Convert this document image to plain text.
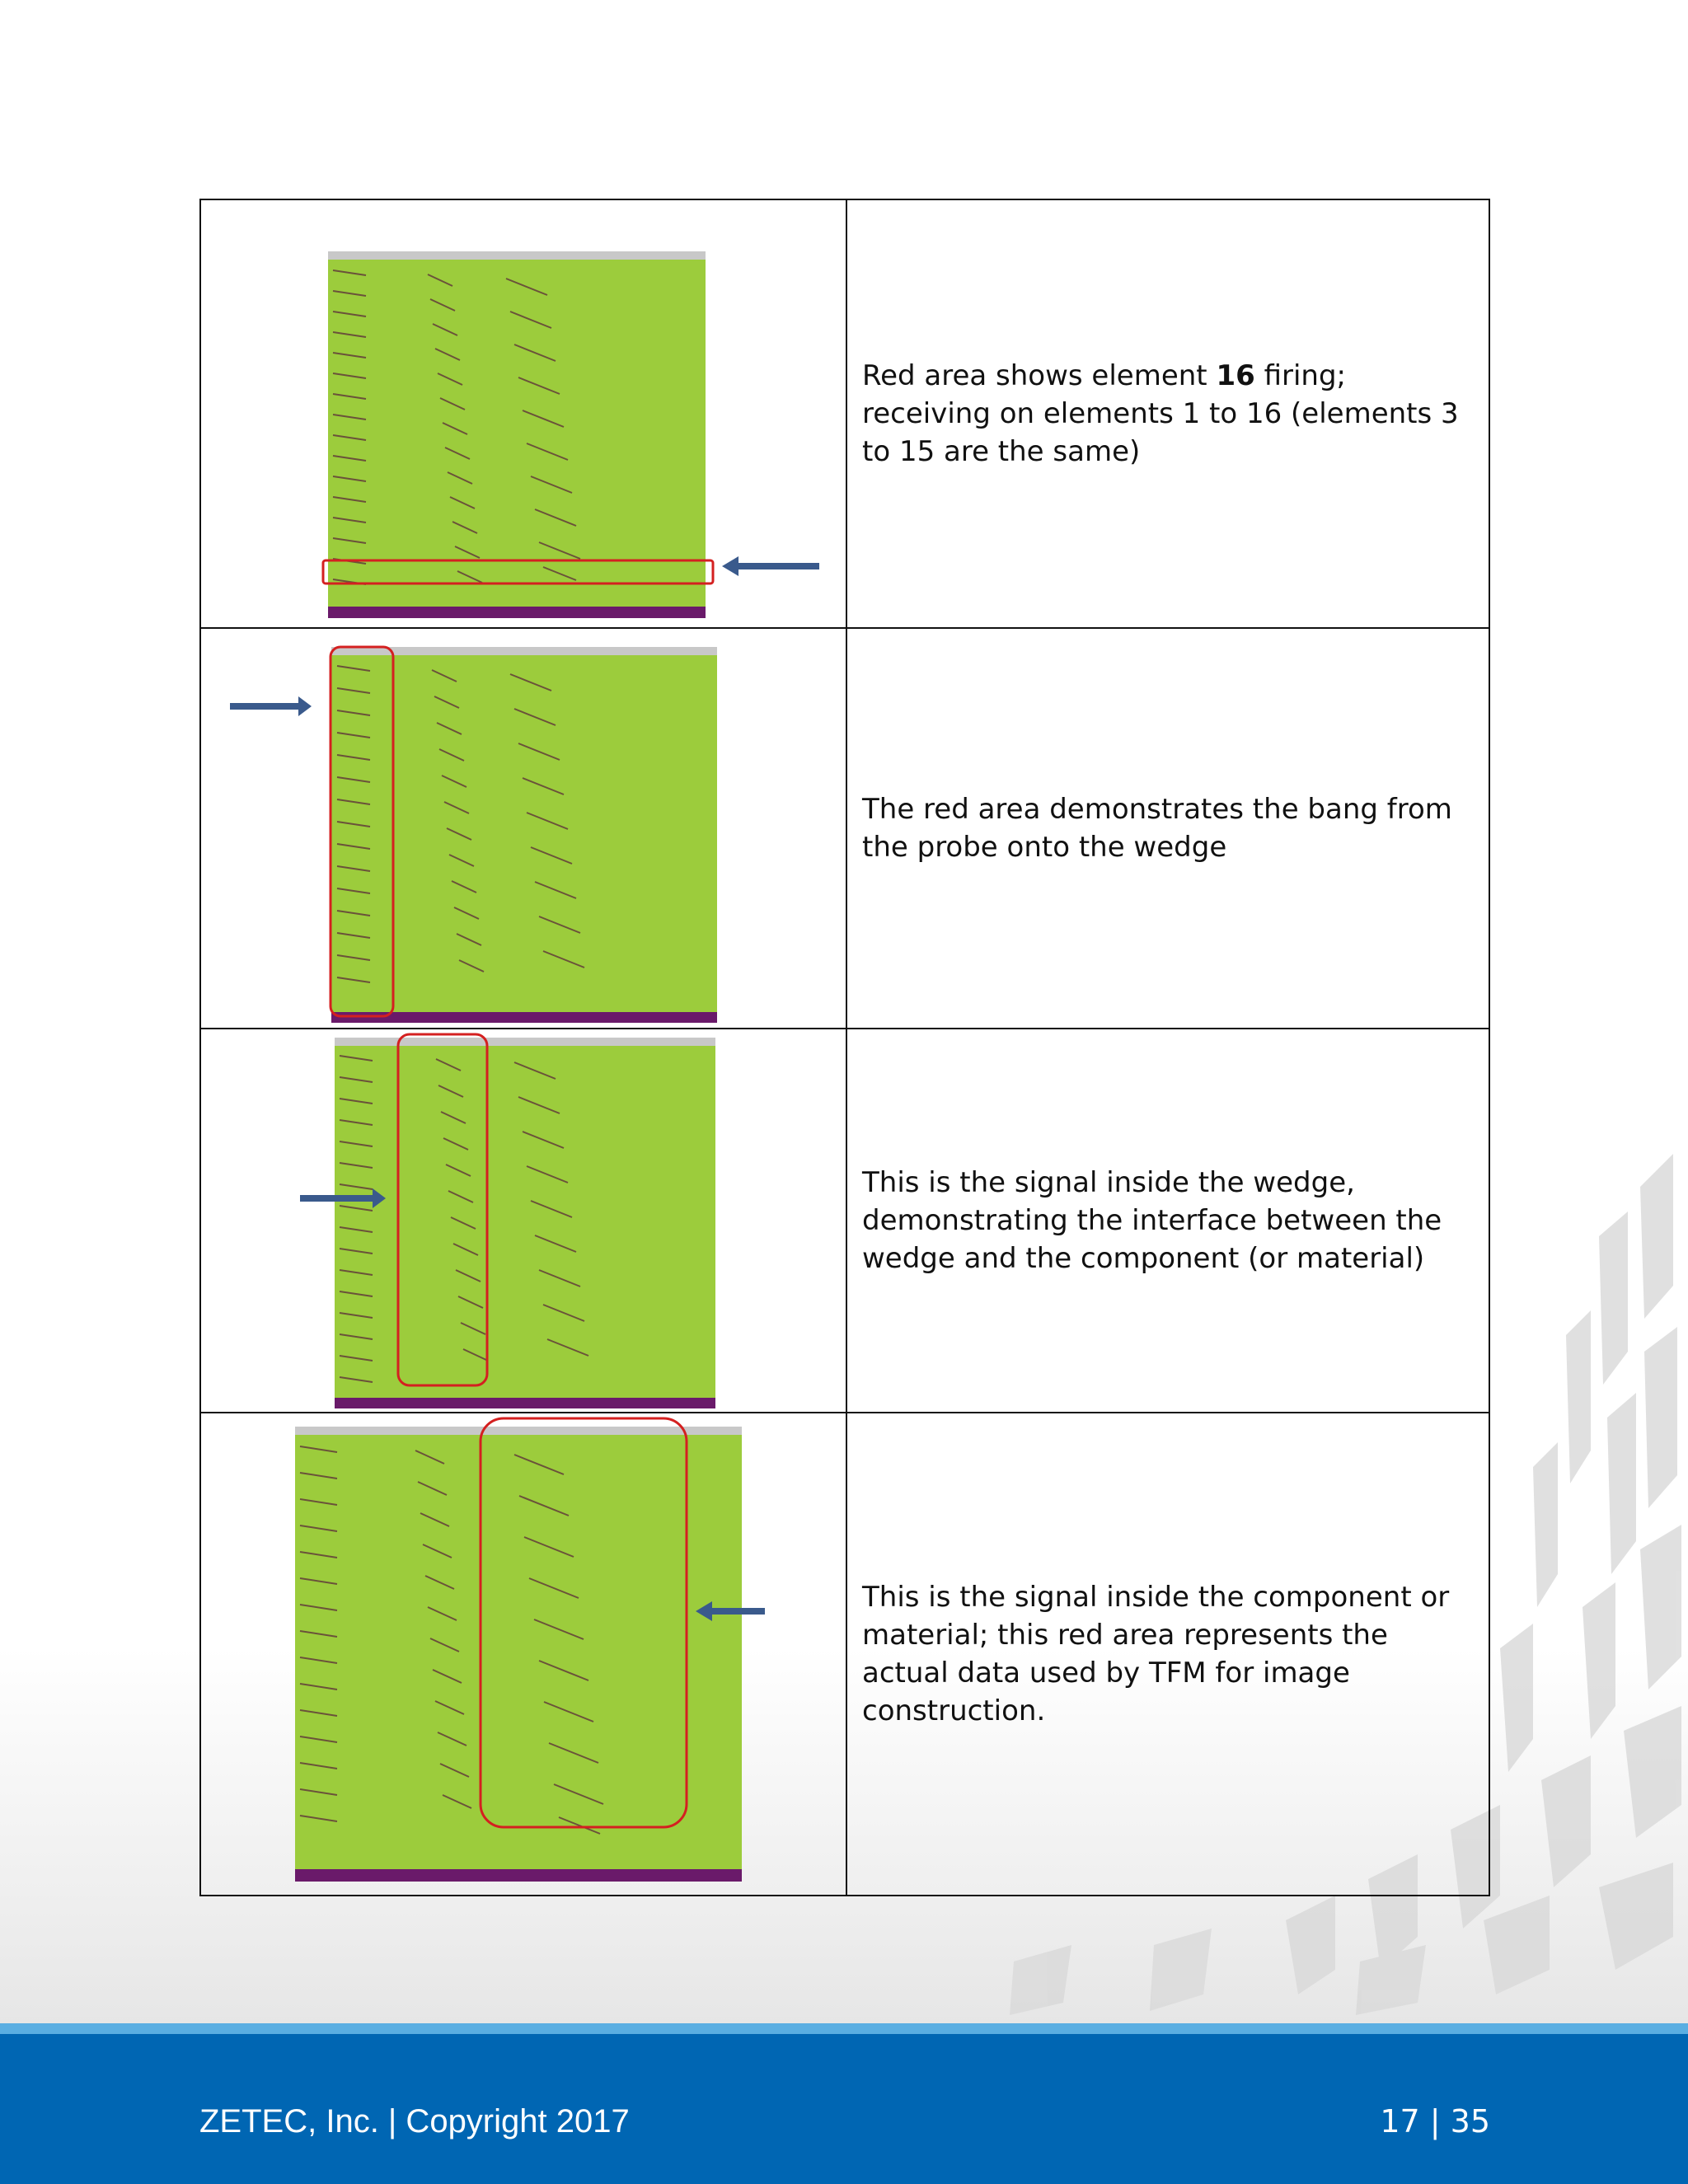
	Red area shows element 16 firing; receiving on elements 1 to 16 (elements 3 to 15 are the same)

	The red area demonstrates the bang from the probe onto the wedge

	This is the signal inside the wedge, demonstrating the interface between the wedge and the component (or material)

	This is the signal inside the component or material; this red area represents the actual data used by TFM for image construction.
ZETEC, Inc. | Copyright 2017	17 | 35
